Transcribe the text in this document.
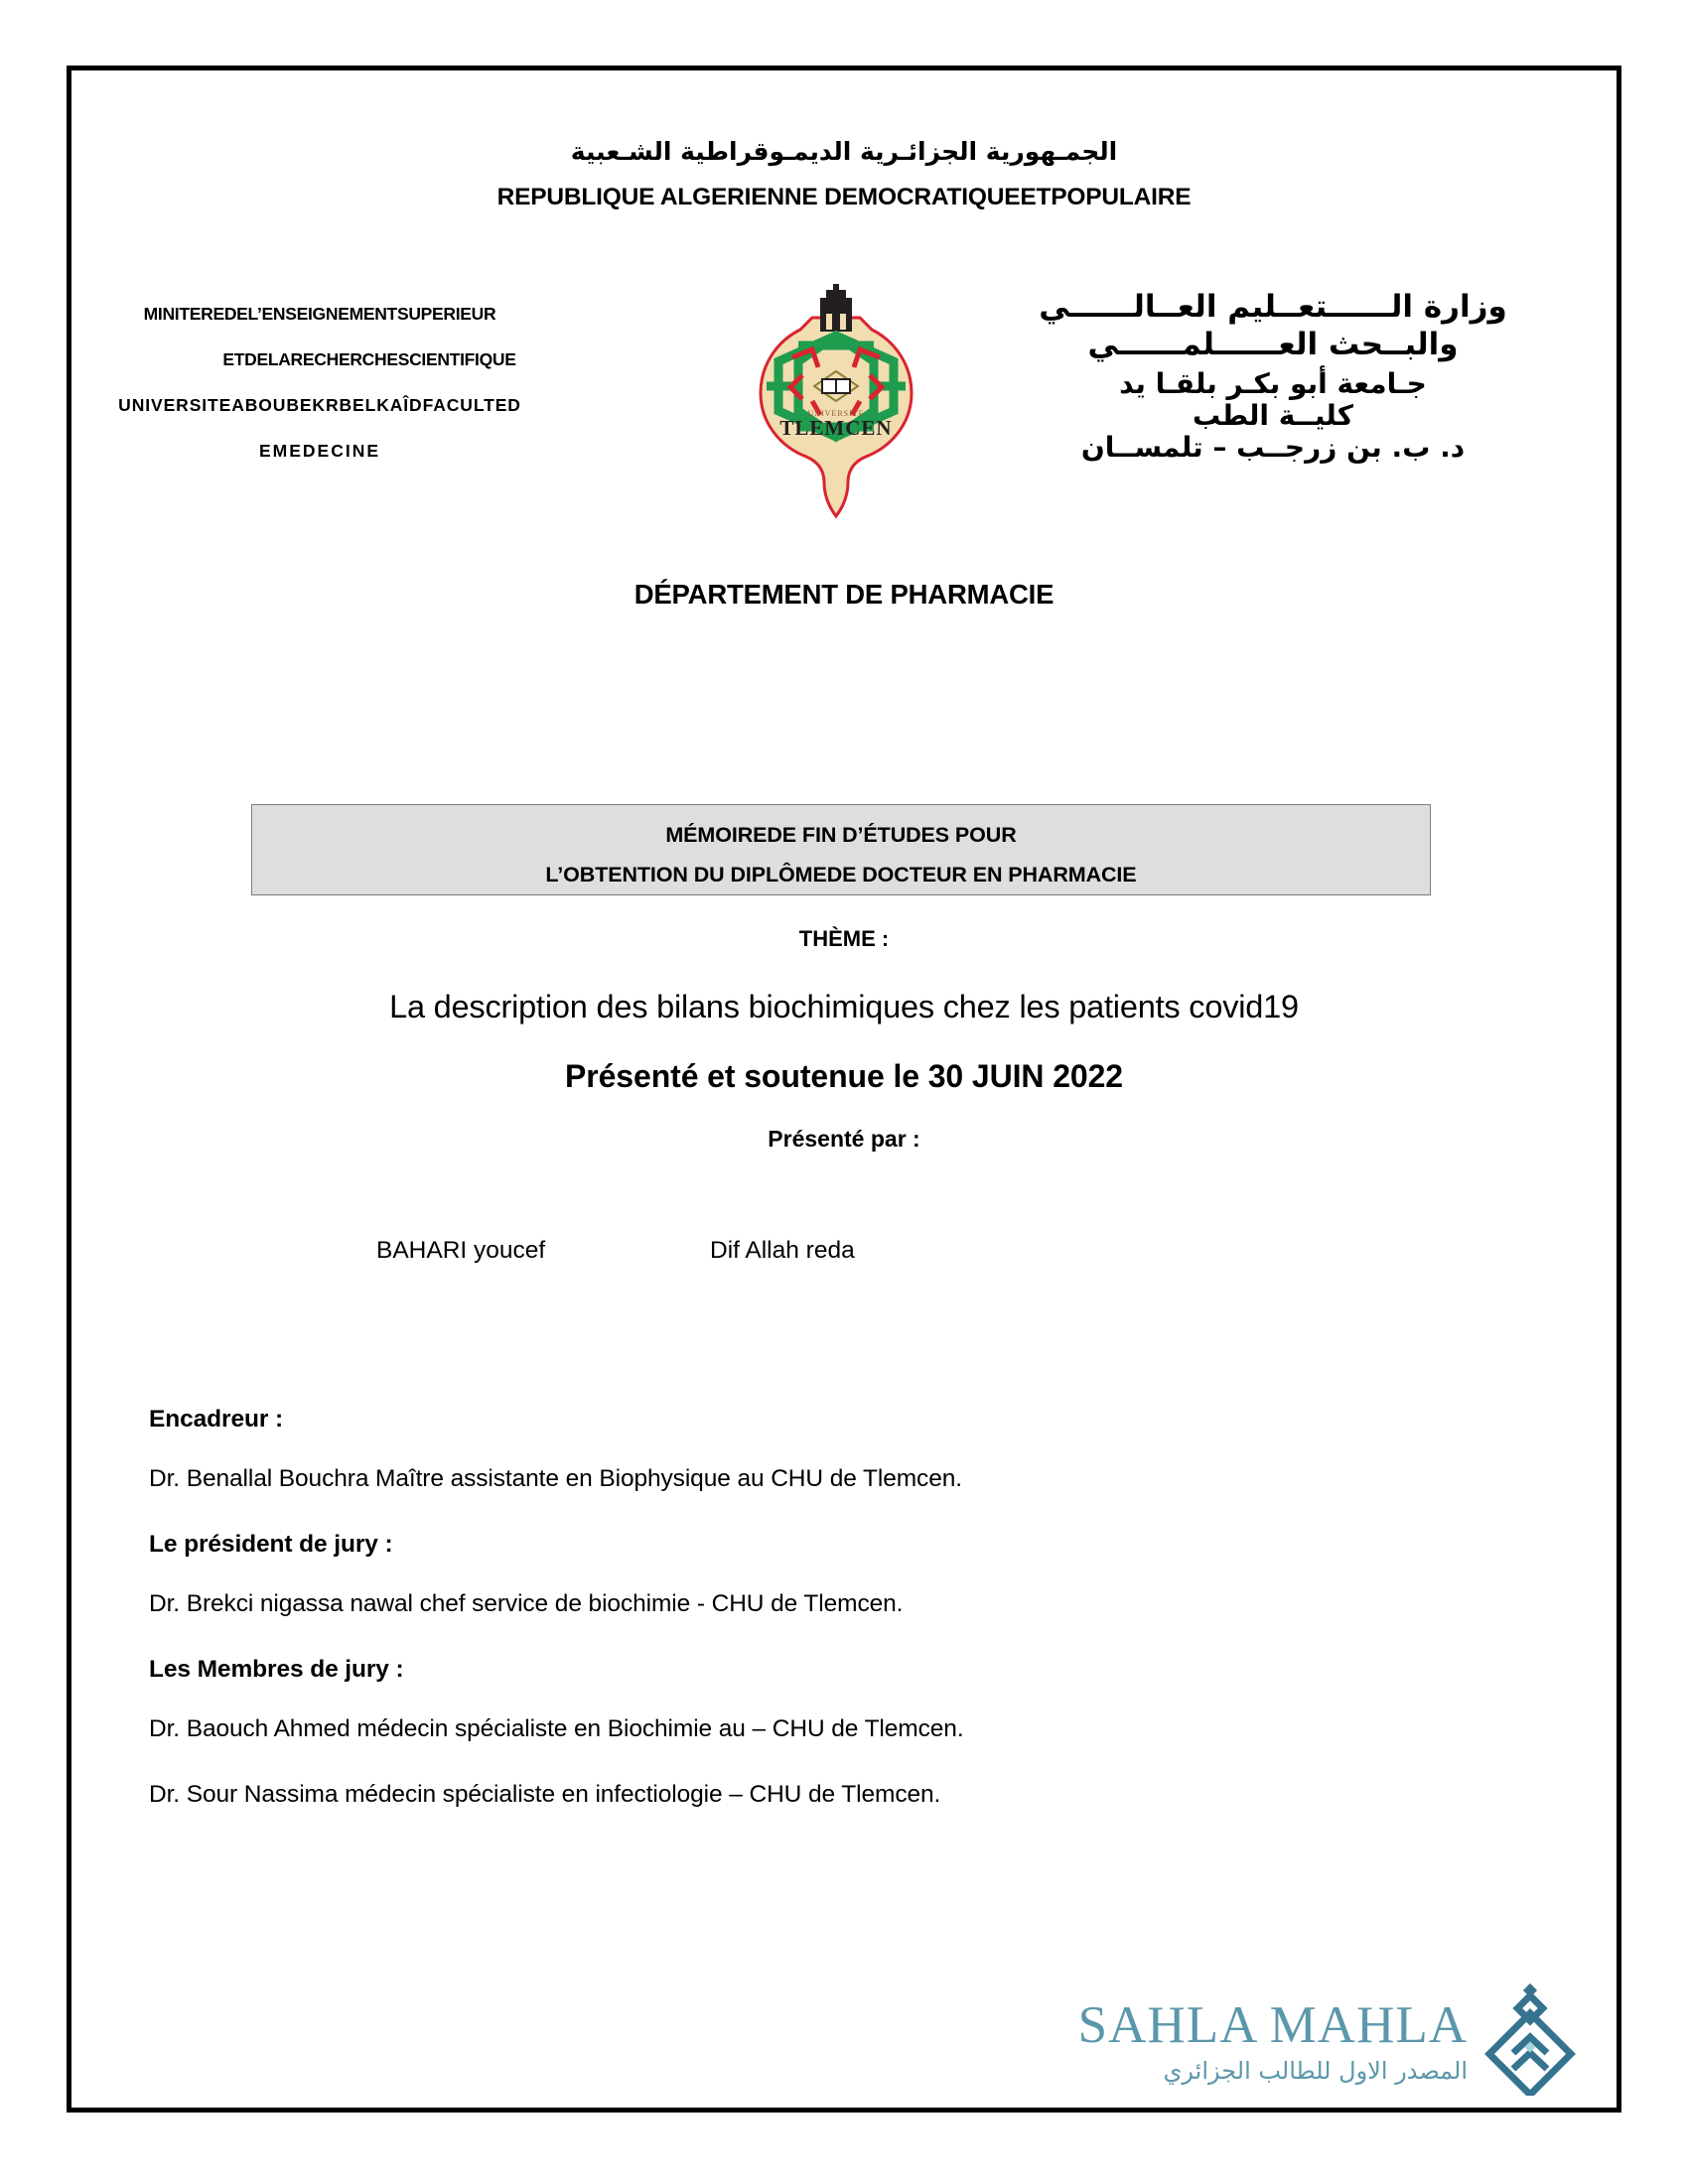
الجمـهورية الجزائـرية الديمـوقراطية الشـعبية
REPUBLIQUE ALGERIENNE DEMOCRATIQUEETPOPULAIRE
MINITEREDEL’ENSEIGNEMENTSUPERIEUR
ETDELARECHERCHESCIENTIFIQUE
UNIVERSITEABOUBEKRBELKAÎDFACULTED
EMEDECINE
TLEMCEN
UNIVERSITE
وزارة الــــــتعــليم العــالــــــي
والبــحث العــــــلمــــــي
جـامعة أبو بكـر بلقـا يد
كليــة الطب
د. ب. بن زرجــب – تلمســان
DÉPARTEMENT DE PHARMACIE
MÉMOIREDE FIN D’ÉTUDES POUR
L’OBTENTION DU DIPLÔMEDE DOCTEUR EN PHARMACIE
THÈME :
La description des bilans biochimiques chez les patients covid19
Présenté et soutenue le 30 JUIN 2022
Présenté par :
BAHARI youcef	Dif Allah reda

Encadreur :

Dr. Benallal Bouchra Maître assistante en Biophysique au CHU de Tlemcen.

Le président de jury :

Dr. Brekci nigassa nawal chef service de biochimie - CHU de Tlemcen.

Les Membres de jury :

Dr. Baouch Ahmed médecin spécialiste en Biochimie au – CHU de Tlemcen.

Dr. Sour Nassima médecin spécialiste en infectiologie – CHU de Tlemcen.

SAHLA MAHLA
المصدر الاول للطالب الجزائري
